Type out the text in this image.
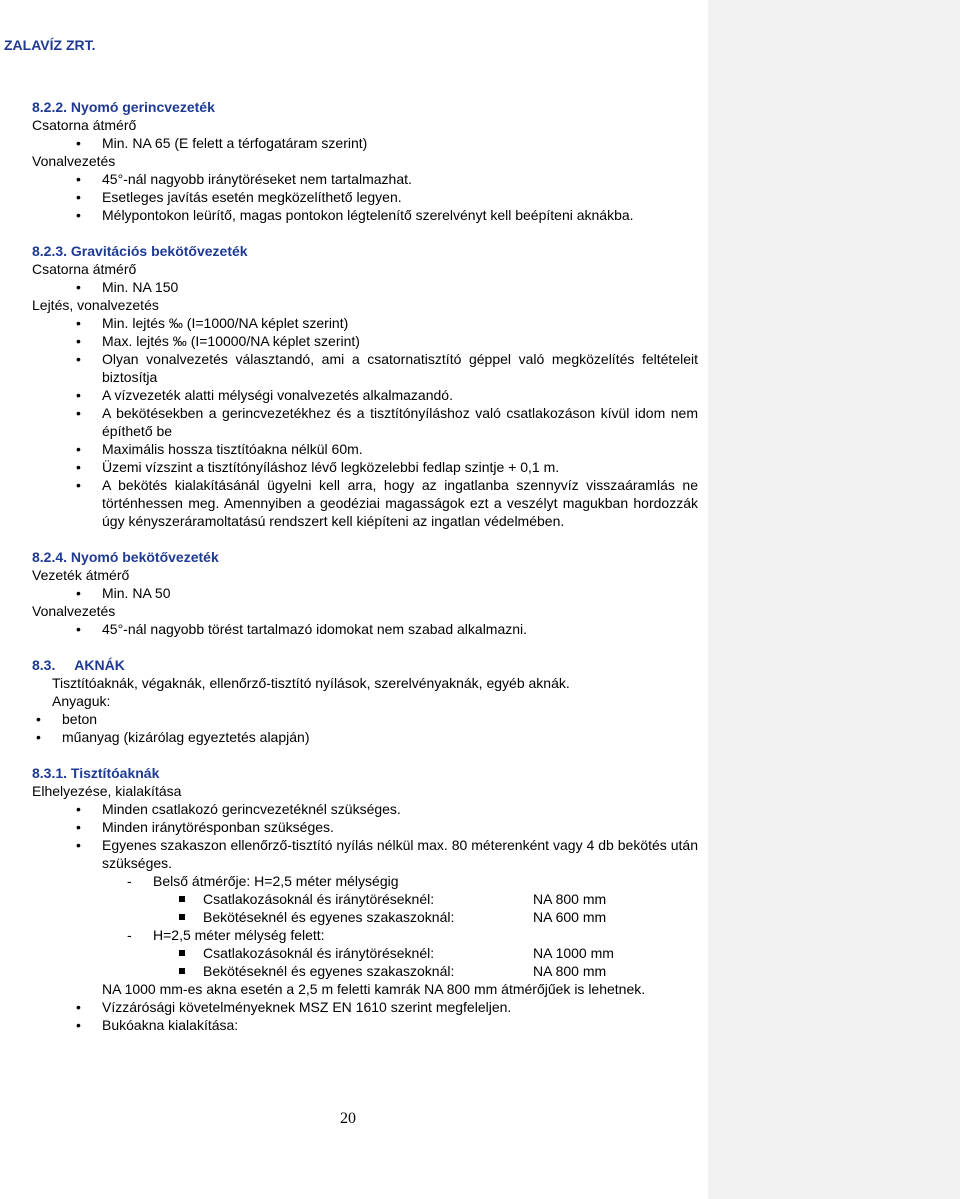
ZALAVÍZ ZRT.
8.2.2. Nyomó gerincvezeték
Csatorna átmérő
• Min. NA 65 (E felett a térfogatáram szerint)
Vonalvezetés
• 45°-nál nagyobb iránytöréseket nem tartalmazhat.
• Esetleges javítás esetén megközelíthető legyen.
• Mélypontokon leürítő, magas pontokon légtelenítő szerelvényt kell beépíteni aknákba.
8.2.3. Gravitációs bekötővezeték
Csatorna átmérő
• Min. NA 150
Lejtés, vonalvezetés
• Min. lejtés ‰ (I=1000/NA képlet szerint)
• Max. lejtés ‰ (I=10000/NA képlet szerint)
• Olyan vonalvezetés választandó, ami a csatornatisztító géppel való megközelítés feltételeit biztosítja
• A vízvezeték alatti mélységi vonalvezetés alkalmazandó.
• A bekötésekben a gerincvezetékhez és a tisztítónyíláshoz való csatlakozáson kívül idom nem építhető be
• Maximális hossza tisztítóakna nélkül 60m.
• Üzemi vízszint a tisztítónyíláshoz lévő legközelebbi fedlap szintje + 0,1 m.
• A bekötés kialakításánál ügyelni kell arra, hogy az ingatlanba szennyvíz visszaáramlás ne történhessen meg. Amennyiben a geodéziai magasságok ezt a veszélyt magukban hordozzák úgy kényszeráramoltatású rendszert kell kiépíteni az ingatlan védelmében.
8.2.4. Nyomó bekötővezeték
Vezeték átmérő
• Min. NA 50
Vonalvezetés
• 45°-nál nagyobb törést tartalmazó idomokat nem szabad alkalmazni.
8.3.     AKNÁK
Tisztítóaknák, végaknák, ellenőrző-tisztító nyílások, szerelvényaknák, egyéb aknák.
Anyaguk:
• beton
• műanyag (kizárólag egyeztetés alapján)
8.3.1. Tisztítóaknák
Elhelyezése, kialakítása
• Minden csatlakozó gerincvezetéknél szükséges.
• Minden iránytörésponban szükséges.
• Egyenes szakaszon ellenőrző-tisztító nyílás nélkül max. 80 méterenként vagy 4 db bekötés után szükséges.
- Belső átmérője: H=2,5 méter mélységig
Csatlakozásoknál és iránytöréseknél:	NA 800 mm
Bekötéseknél és egyenes szakaszoknál:	NA 600 mm
- H=2,5 méter mélység felett:
Csatlakozásoknál és iránytöréseknél:	NA 1000 mm
Bekötéseknél és egyenes szakaszoknál:	NA 800 mm
NA 1000 mm-es akna esetén a 2,5 m feletti kamrák NA 800 mm átmérőjűek is lehetnek.
• Vízzárósági követelményeknek MSZ EN 1610 szerint megfeleljen.
• Bukóakna kialakítása:
20
